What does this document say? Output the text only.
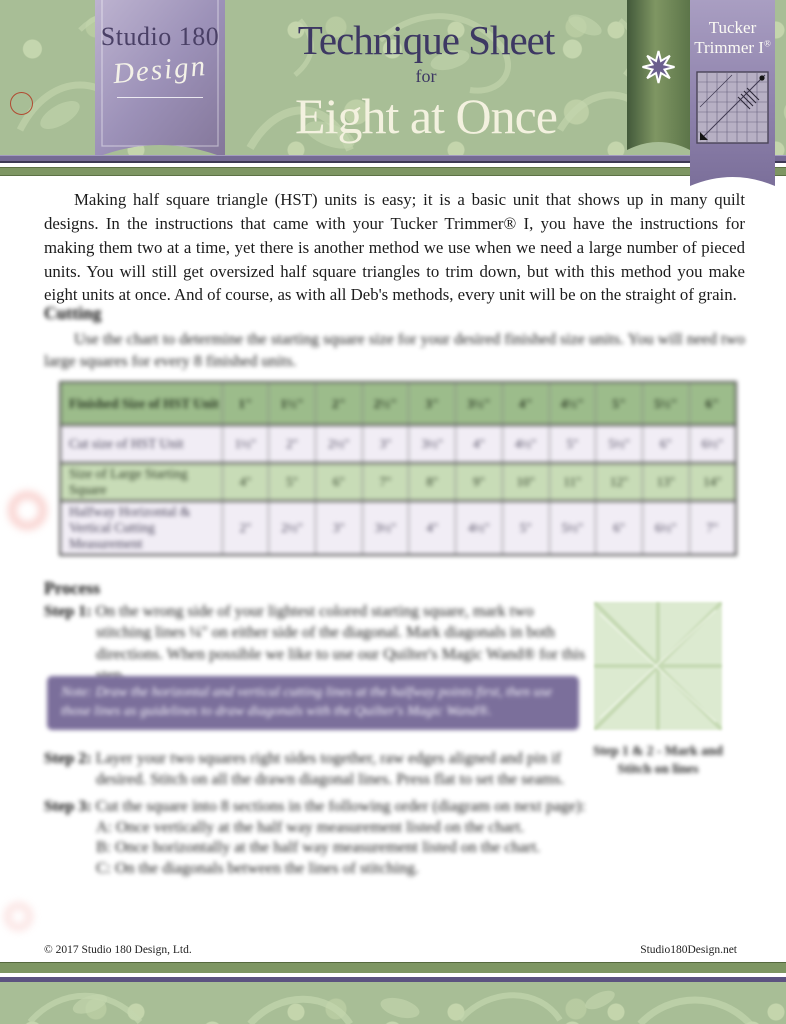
Studio 180
Design
Technique Sheet
for
Eight at Once
Tucker
Trimmer I®

Making half square triangle (HST) units is easy; it is a basic unit that shows up in many quilt designs. In the instructions that came with your Tucker Trimmer® I, you have the instructions for making them two at a time, yet there is another method we use when we need a large number of pieced units. You will still get oversized half square triangles to trim down, but with this method you make eight units at once. And of course, as with all Deb's methods, every unit will be on the straight of grain.

Cutting

Use the chart to determine the starting square size for your desired finished size units. You will need two large squares for every 8 finished units.

Finished Size of HST Unit	1"	1½"	2"	2½"	3"	3½"	4"	4½"	5"	5½"	6"
Cut size of HST Unit	1½"	2"	2½"	3"	3½"	4"	4½"	5"	5½"	6"	6½"
Size of Large Starting Square	4"	5"	6"	7"	8"	9"	10"	11"	12"	13"	14"
Halfway Horizontal & Vertical Cutting Measurement	2"	2½"	3"	3½"	4"	4½"	5"	5½"	6"	6½"	7"
Process

Step 1: On the wrong side of your lightest colored starting square, mark two stitching lines ¼" on either side of the diagonal. Mark diagonals in both directions. When possible we like to use our Quilter's Magic Wand® for this

Note: Draw the horizontal and vertical cutting lines at the halfway points first, then use those lines as guidelines to draw diagonals with the Quilter's Magic Wand®.

Step 2: Layer your two squares right sides together, raw edges aligned and pin if desired. Stitch on all the drawn diagonal lines. Press flat to set the seams.

Step 3: Cut the square into 8 sections in the following order (diagram on next page):

A: Once vertically at the half way measurement listed on the chart.
B: Once horizontally at the half way measurement listed on the chart.
C: On the diagonals between the lines of stitching.
Step 1 & 2 - Mark and
Stitch on lines
© 2017 Studio 180 Design, Ltd.	Studio180Design.net
